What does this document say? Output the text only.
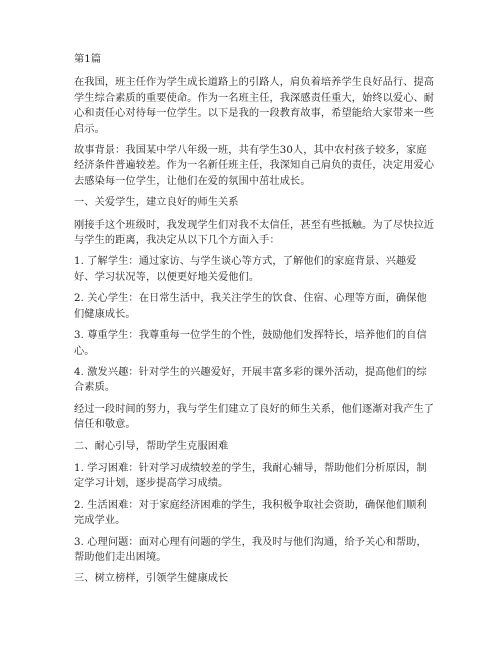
第1篇

在我国，班主任作为学生成长道路上的引路人，肩负着培养学生良好品行、提高学生综合素质的重要使命。作为一名班主任，我深感责任重大，始终以爱心、耐心和责任心对待每一位学生。以下是我的一段教育故事，希望能给大家带来一些启示。

故事背景：我国某中学八年级一班，共有学生30人，其中农村孩子较多，家庭经济条件普遍较差。作为一名新任班主任，我深知自己肩负的责任，决定用爱心去感染每一位学生，让他们在爱的氛围中茁壮成长。

一、关爱学生，建立良好的师生关系

刚接手这个班级时，我发现学生们对我不太信任，甚至有些抵触。为了尽快拉近与学生的距离，我决定从以下几个方面入手：

1. 了解学生：通过家访、与学生谈心等方式，了解他们的家庭背景、兴趣爱好、学习状况等，以便更好地关爱他们。

2. 关心学生：在日常生活中，我关注学生的饮食、住宿、心理等方面，确保他们健康成长。

3. 尊重学生：我尊重每一位学生的个性，鼓励他们发挥特长，培养他们的自信心。

4. 激发兴趣：针对学生的兴趣爱好，开展丰富多彩的课外活动，提高他们的综合素质。

经过一段时间的努力，我与学生们建立了良好的师生关系，他们逐渐对我产生了信任和敬意。

二、耐心引导，帮助学生克服困难

1. 学习困难：针对学习成绩较差的学生，我耐心辅导，帮助他们分析原因，制定学习计划，逐步提高学习成绩。

2. 生活困难：对于家庭经济困难的学生，我积极争取社会资助，确保他们顺利完成学业。

3. 心理问题：面对心理有问题的学生，我及时与他们沟通，给予关心和帮助，帮助他们走出困境。

三、树立榜样，引领学生健康成长
